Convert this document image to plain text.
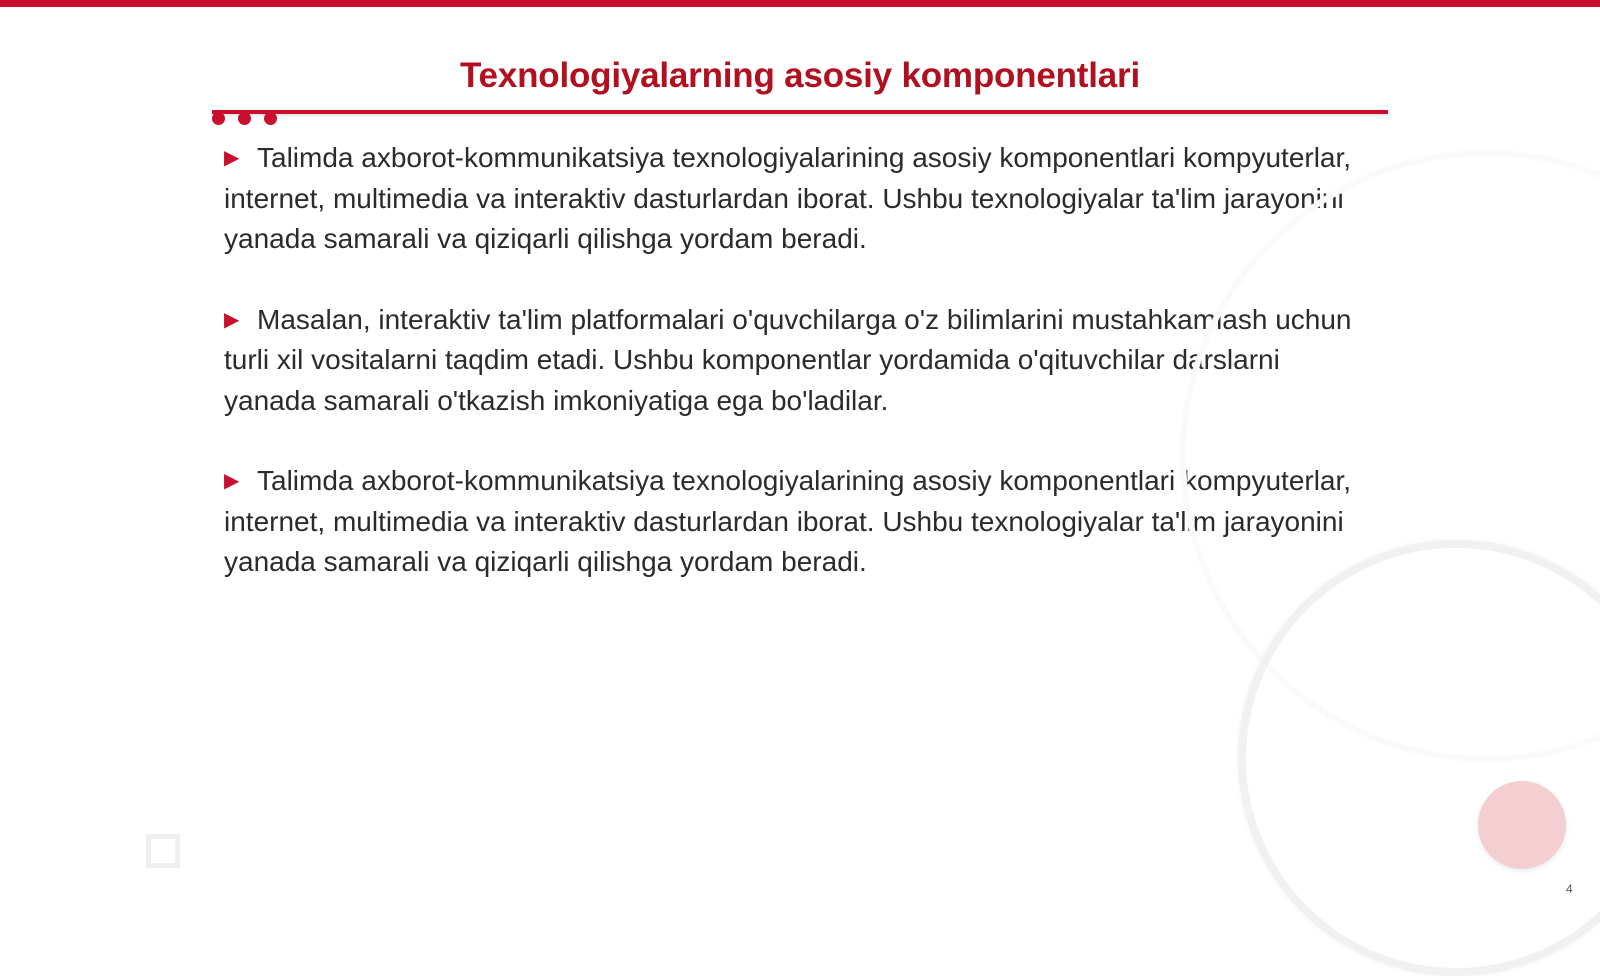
Texnologiyalarning asosiy komponentlari

▶ Talimda axborot-kommunikatsiya texnologiyalarining asosiy komponentlari kompyuterlar, internet, multimedia va interaktiv dasturlardan iborat. Ushbu texnologiyalar ta'lim jarayonini yanada samarali va qiziqarli qilishga yordam beradi.

▶ Masalan, interaktiv ta'lim platformalari o'quvchilarga o'z bilimlarini mustahkamlash uchun turli xil vositalarni taqdim etadi. Ushbu komponentlar yordamida o'qituvchilar darslarni yanada samarali o'tkazish imkoniyatiga ega bo'ladilar.

▶ Talimda axborot-kommunikatsiya texnologiyalarining asosiy komponentlari kompyuterlar, internet, multimedia va interaktiv dasturlardan iborat. Ushbu texnologiyalar ta'lim jarayonini yanada samarali va qiziqarli qilishga yordam beradi.

4
